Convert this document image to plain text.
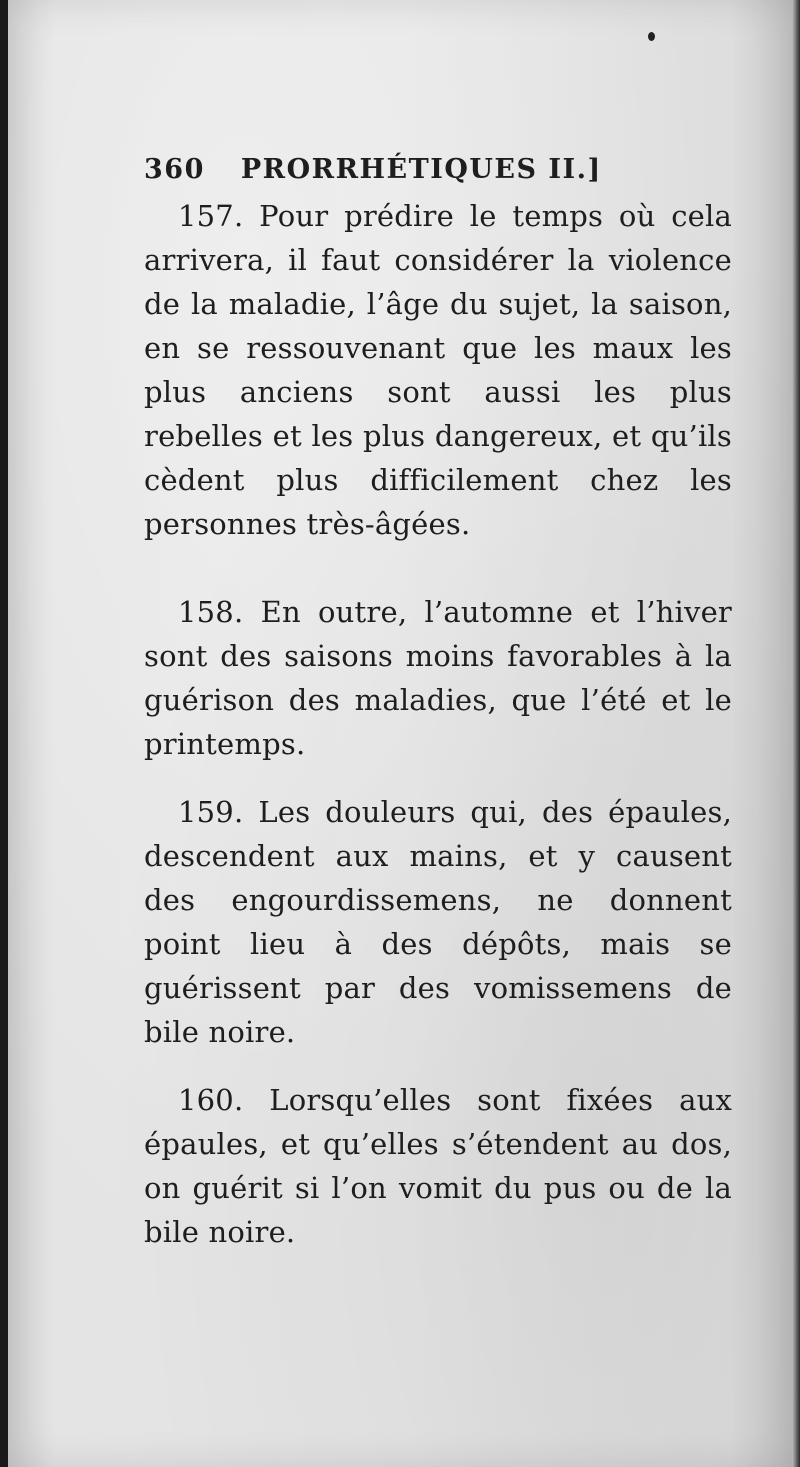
360 PRORRHÉTIQUES II.]

157. Pour prédire le temps où cela arrivera, il faut considérer la violence de la maladie, l’âge du sujet, la saison, en se ressouvenant que les maux les plus anciens sont aussi les plus rebelles et les plus dangereux, et qu’ils cèdent plus difficilement chez les personnes très-âgées.

158. En outre, l’automne et l’hiver sont des saisons moins favorables à la guérison des maladies, que l’été et le printemps.

159. Les douleurs qui, des épaules, descendent aux mains, et y causent des engourdissemens, ne donnent point lieu à des dépôts, mais se guérissent par des vomissemens de bile noire.

160. Lorsqu’elles sont fixées aux épaules, et qu’elles s’étendent au dos, on guérit si l’on vomit du pus ou de la bile noire.
